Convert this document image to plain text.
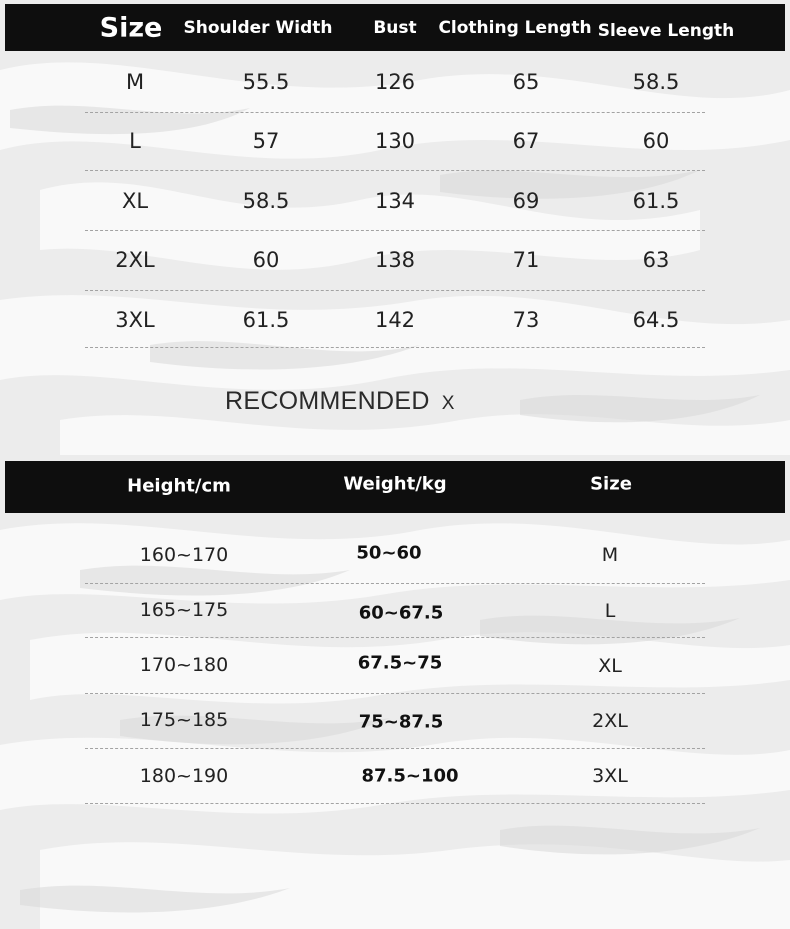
Size Shoulder Width Bust Clothing Length Sleeve Length
M	55.5	126	65	58.5
L	57	130	67	60
XL	58.5	134	69	61.5
2XL	60	138	71	63
3XL	61.5	142	73	64.5
RECOMMENDED X
Height/cm	Weight/kg	Size
160~170	50~60	M
165~175	60~67.5	L
170~180	67.5~75	XL
175~185	75~87.5	2XL
180~190	87.5~100	3XL
